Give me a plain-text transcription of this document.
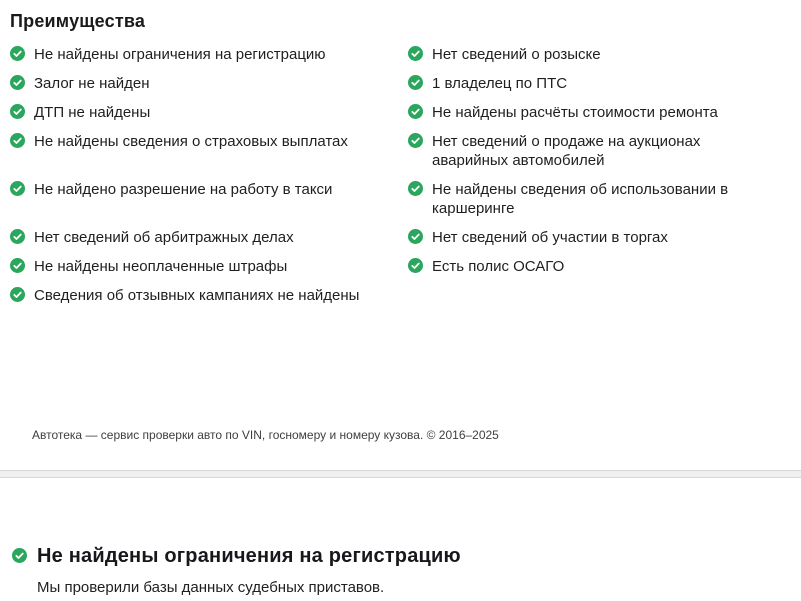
Преимущества
Не найдены ограничения на регистрацию	Нет сведений о розыске
Залог не найден	1 владелец по ПТС
ДТП не найдены	Не найдены расчёты стоимости ремонта
Не найдены сведения о страховых выплатах	Нет сведений о продаже на аукционах аварийных автомобилей
Не найдено разрешение на работу в такси	Не найдены сведения об использовании в каршеринге
Нет сведений об арбитражных делах	Нет сведений об участии в торгах
Не найдены неоплаченные штрафы	Есть полис ОСАГО
Сведения об отзывных кампаниях не найдены
Автотека — сервис проверки авто по VIN, госномеру и номеру кузова. © 2016–2025
Не найдены ограничения на регистрацию

Мы проверили базы данных судебных приставов.
